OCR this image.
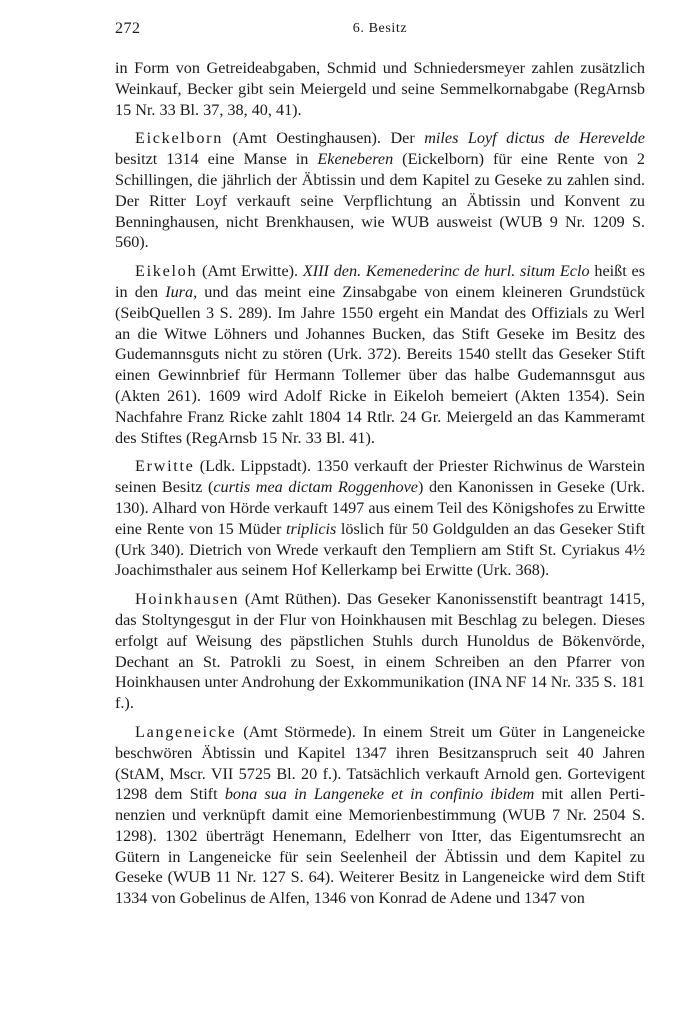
272	6. Besitz

in Form von Getreideabgaben, Schmid und Schniedersmeyer zahlen zusätzlich Weinkauf, Becker gibt sein Meiergeld und seine Semmelkornabgabe (RegArnsb 15 Nr. 33 Bl. 37, 38, 40, 41).

Eickelborn (Amt Oestinghausen). Der miles Loyf dictus de Herevelde besitzt 1314 eine Manse in Ekeneberen (Eickelborn) für eine Rente von 2 Schillingen, die jährlich der Äbtissin und dem Kapitel zu Geseke zu zahlen sind. Der Ritter Loyf verkauft seine Verpflichtung an Äbtissin und Konvent zu Benninghausen, nicht Brenkhausen, wie WUB ausweist (WUB 9 Nr. 1209 S. 560).

Eikeloh (Amt Erwitte). XIII den. Kemenederinc de hurl. situm Eclo heißt es in den Iura, und das meint eine Zinsabgabe von einem kleineren Grundstück (SeibQuellen 3 S. 289). Im Jahre 1550 ergeht ein Mandat des Offizials zu Werl an die Witwe Löhners und Johannes Bucken, das Stift Geseke im Besitz des Gudemannsguts nicht zu stören (Urk. 372). Bereits 1540 stellt das Geseker Stift einen Gewinnbrief für Hermann Tollemer über das halbe Gudemannsgut aus (Akten 261). 1609 wird Adolf Ricke in Eikeloh bemeiert (Akten 1354). Sein Nachfahre Franz Ricke zahlt 1804 14 Rtlr. 24 Gr. Meiergeld an das Kammeramt des Stiftes (RegArnsb 15 Nr. 33 Bl. 41).

Erwitte (Ldk. Lippstadt). 1350 verkauft der Priester Richwinus de Warstein seinen Besitz (curtis mea dictam Roggenhove) den Kanonissen in Geseke (Urk. 130). Alhard von Hörde verkauft 1497 aus einem Teil des Königshofes zu Erwitte eine Rente von 15 Müder triplicis löslich für 50 Goldgulden an das Geseker Stift (Urk 340). Dietrich von Wrede verkauft den Templiern am Stift St. Cyriakus 4½ Joachimsthaler aus seinem Hof Kellerkamp bei Erwitte (Urk. 368).

Hoinkhausen (Amt Rüthen). Das Geseker Kanonissenstift beantragt 1415, das Stoltyngesgut in der Flur von Hoinkhausen mit Beschlag zu belegen. Dieses erfolgt auf Weisung des päpstlichen Stuhls durch Hunoldus de Bökenvörde, Dechant an St. Patrokli zu Soest, in einem Schreiben an den Pfarrer von Hoinkhausen unter Androhung der Exkommunikation (INA NF 14 Nr. 335 S. 181 f.).

Langeneicke (Amt Störmede). In einem Streit um Güter in Langeneicke beschwören Äbtissin und Kapitel 1347 ihren Besitzanspruch seit 40 Jahren (StAM, Mscr. VII 5725 Bl. 20 f.). Tatsächlich verkauft Arnold gen. Gortevigent 1298 dem Stift bona sua in Langeneke et in confinio ibidem mit allen Pertinenzien und verknüpft damit eine Memorienbestimmung (WUB 7 Nr. 2504 S. 1298). 1302 überträgt Henemann, Edelherr von Itter, das Eigentumsrecht an Gütern in Langeneicke für sein Seelenheil der Äbtissin und dem Kapitel zu Geseke (WUB 11 Nr. 127 S. 64). Weiterer Besitz in Langeneicke wird dem Stift 1334 von Gobelinus de Alfen, 1346 von Konrad de Adene und 1347 von
